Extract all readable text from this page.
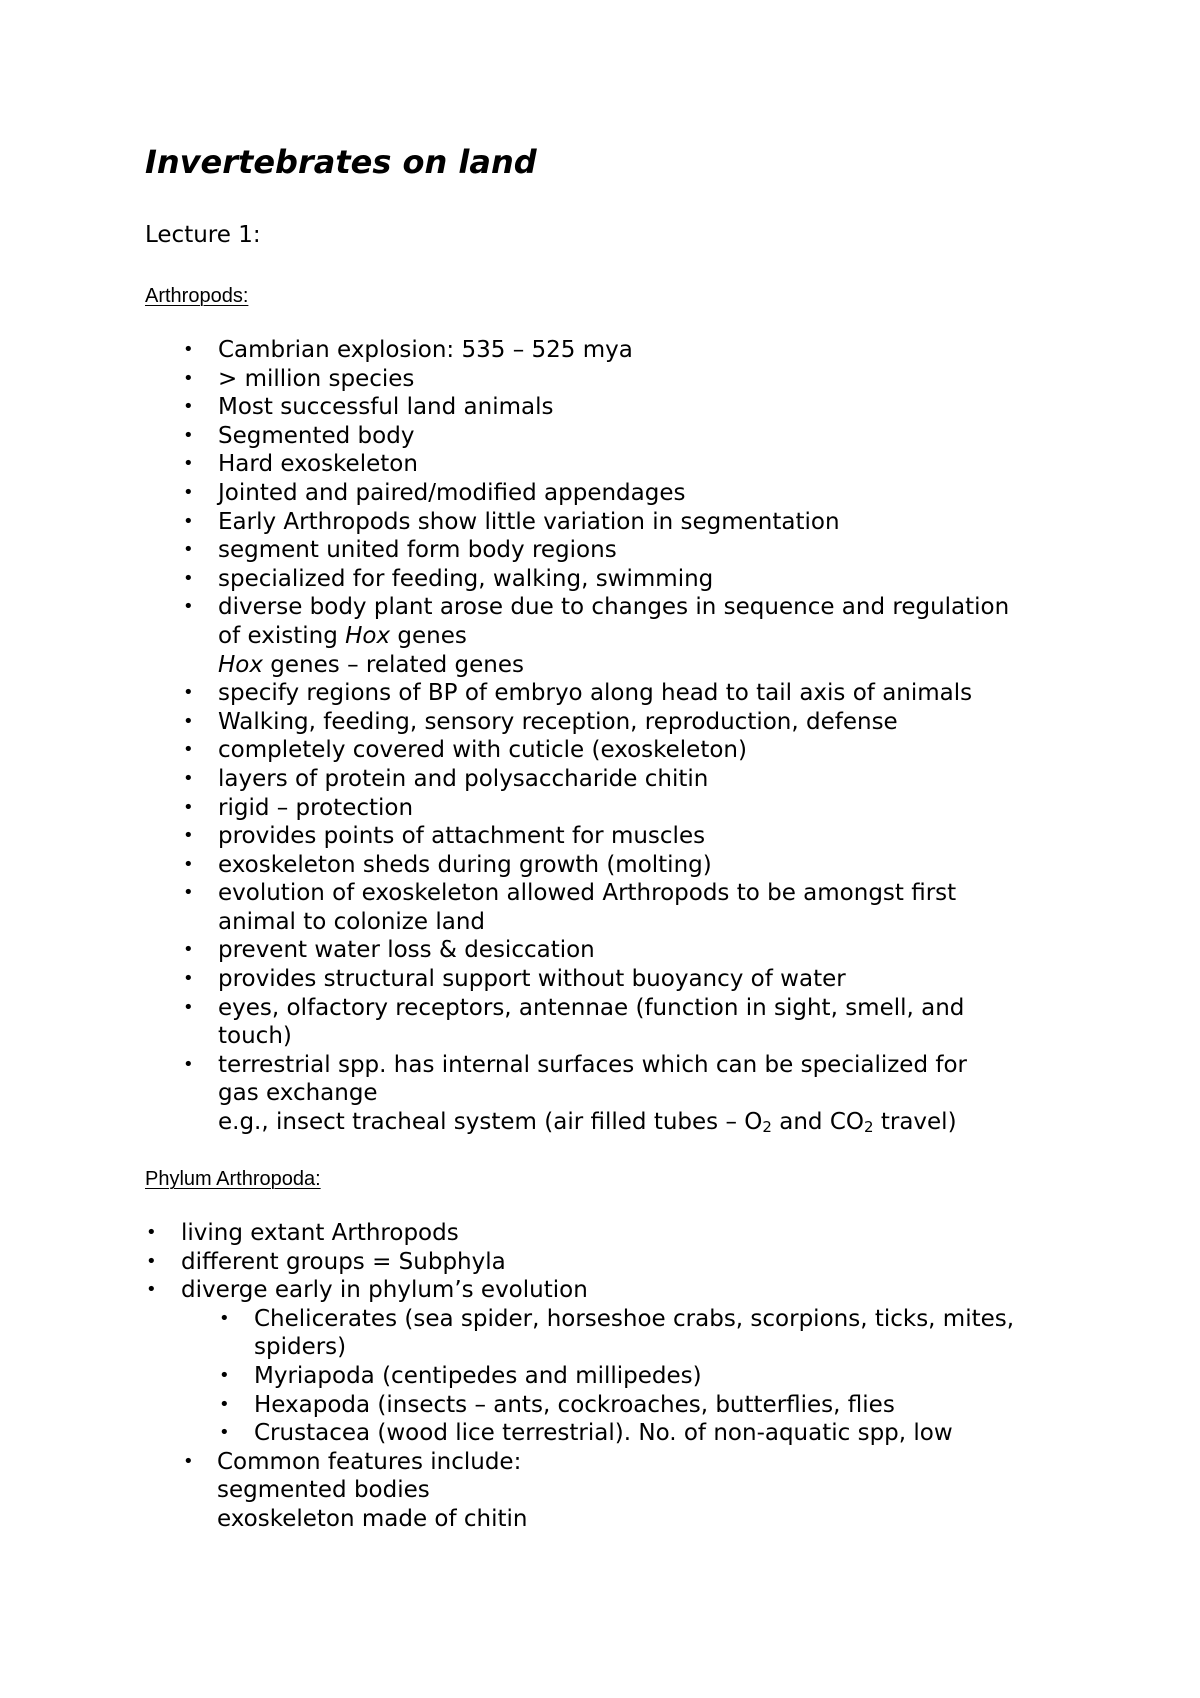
Invertebrates on land

Lecture 1:

Arthropods:

• Cambrian explosion: 535 – 525 mya
• > million species
• Most successful land animals
• Segmented body
• Hard exoskeleton
• Jointed and paired/modified appendages
• Early Arthropods show little variation in segmentation
• segment united form body regions
• specialized for feeding, walking, swimming
• diverse body plant arose due to changes in sequence and regulation
of existing Hox genes
Hox genes – related genes
• specify regions of BP of embryo along head to tail axis of animals
• Walking, feeding, sensory reception, reproduction, defense
• completely covered with cuticle (exoskeleton)
• layers of protein and polysaccharide chitin
• rigid – protection
• provides points of attachment for muscles
• exoskeleton sheds during growth (molting)
• evolution of exoskeleton allowed Arthropods to be amongst first
animal to colonize land
• prevent water loss & desiccation
• provides structural support without buoyancy of water
• eyes, olfactory receptors, antennae (function in sight, smell, and
touch)
• terrestrial spp. has internal surfaces which can be specialized for
gas exchange
e.g., insect tracheal system (air filled tubes – $O_2$ and $CO_2$ travel)

Phylum Arthropoda:

• living extant Arthropods
• different groups = Subphyla
• diverge early in phylum’s evolution
• Chelicerates (sea spider, horseshoe crabs, scorpions, ticks, mites,
spiders)
• Myriapoda (centipedes and millipedes)
• Hexapoda (insects – ants, cockroaches, butterflies, flies
• Crustacea (wood lice terrestrial). No. of non-aquatic spp, low
• Common features include:
segmented bodies
exoskeleton made of chitin
